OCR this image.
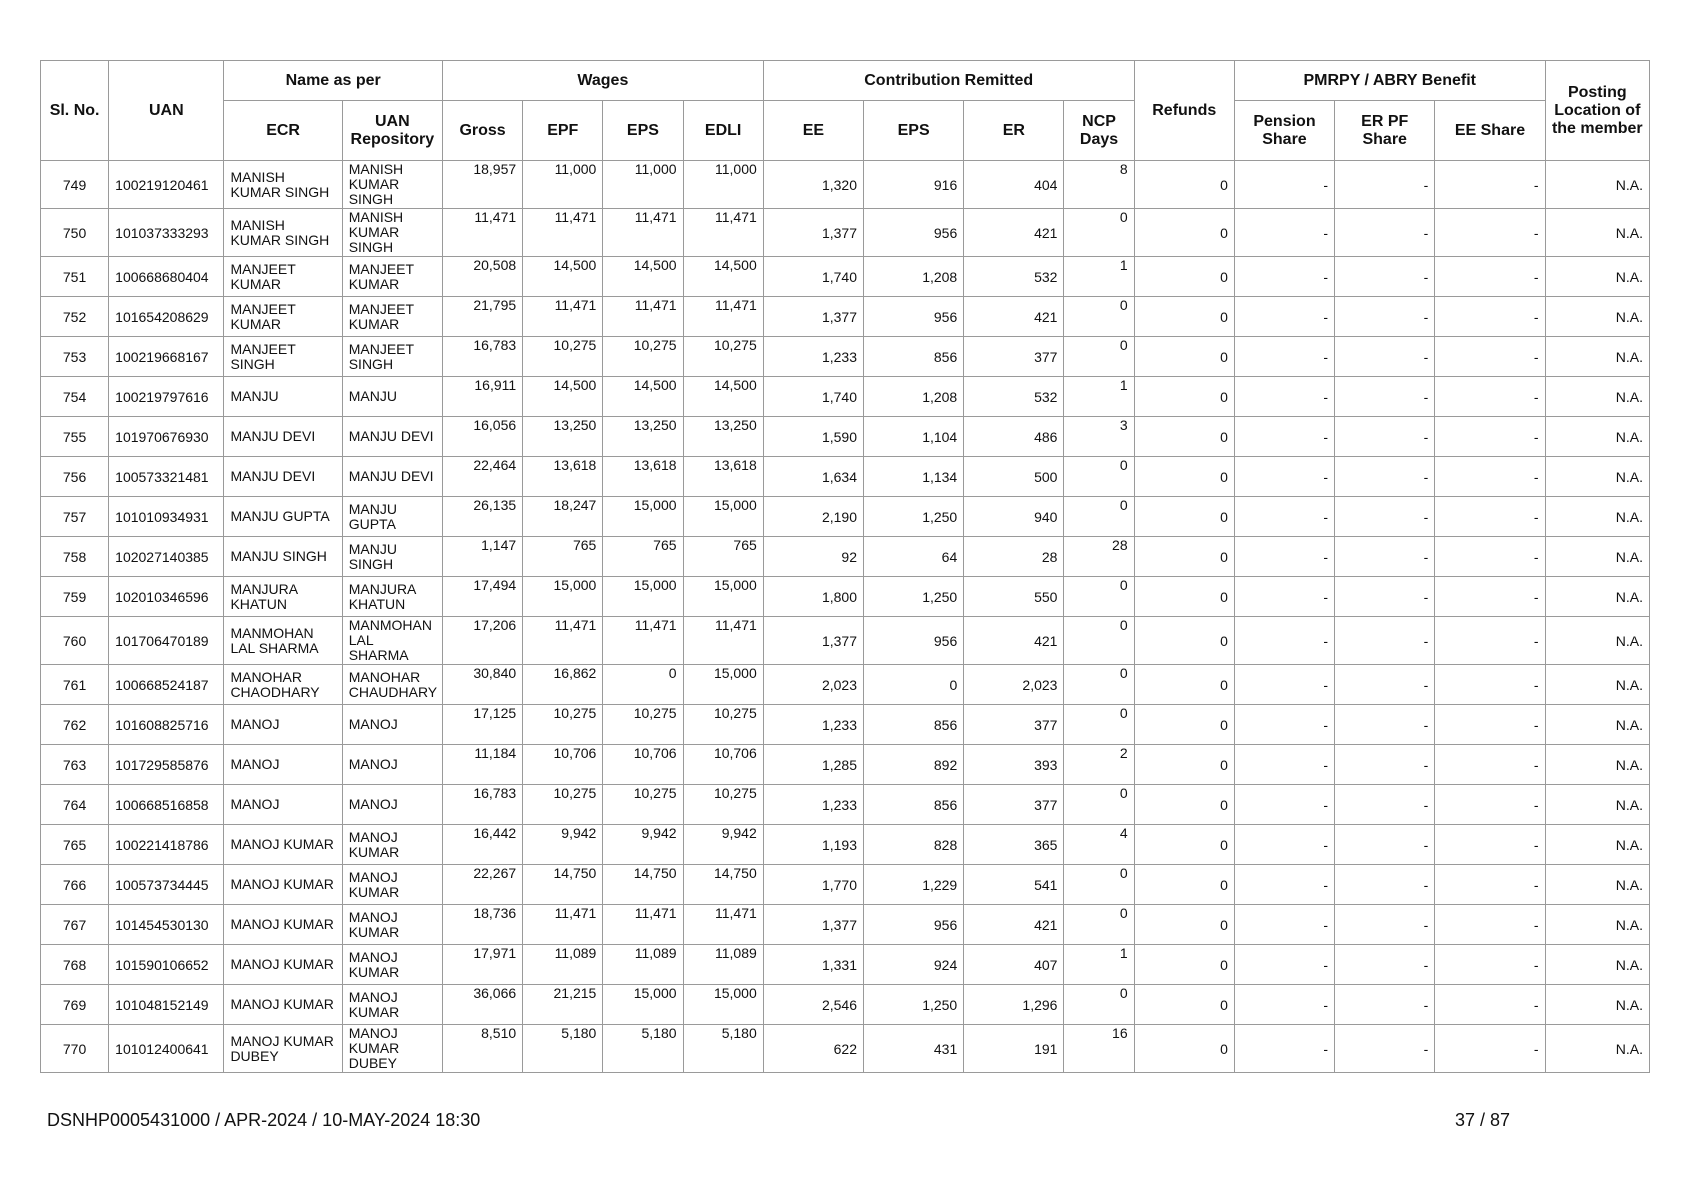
Sl. No.	UAN	Name as per		Wages				Contribution Remitted				Refunds	PMRPY / ABRY Benefit			Posting Location of the member
		ECR	UAN Repository	Gross	EPF	EPS	EDLI	EE	EPS	ER	NCP Days		Pension Share	ER PF Share	EE Share	
749	100219120461	MANISH KUMAR SINGH	MANISH KUMAR SINGH	18,957	11,000	11,000	11,000	1,320	916	404	8	0	-	-	-	N.A.
750	101037333293	MANISH KUMAR SINGH	MANISH KUMAR SINGH	11,471	11,471	11,471	11,471	1,377	956	421	0	0	-	-	-	N.A.
751	100668680404	MANJEET KUMAR	MANJEET KUMAR	20,508	14,500	14,500	14,500	1,740	1,208	532	1	0	-	-	-	N.A.
752	101654208629	MANJEET KUMAR	MANJEET KUMAR	21,795	11,471	11,471	11,471	1,377	956	421	0	0	-	-	-	N.A.
753	100219668167	MANJEET SINGH	MANJEET SINGH	16,783	10,275	10,275	10,275	1,233	856	377	0	0	-	-	-	N.A.
754	100219797616	MANJU	MANJU	16,911	14,500	14,500	14,500	1,740	1,208	532	1	0	-	-	-	N.A.
755	101970676930	MANJU DEVI	MANJU DEVI	16,056	13,250	13,250	13,250	1,590	1,104	486	3	0	-	-	-	N.A.
756	100573321481	MANJU DEVI	MANJU DEVI	22,464	13,618	13,618	13,618	1,634	1,134	500	0	0	-	-	-	N.A.
757	101010934931	MANJU GUPTA	MANJU GUPTA	26,135	18,247	15,000	15,000	2,190	1,250	940	0	0	-	-	-	N.A.
758	102027140385	MANJU SINGH	MANJU SINGH	1,147	765	765	765	92	64	28	28	0	-	-	-	N.A.
759	102010346596	MANJURA KHATUN	MANJURA KHATUN	17,494	15,000	15,000	15,000	1,800	1,250	550	0	0	-	-	-	N.A.
760	101706470189	MANMOHAN LAL SHARMA	MANMOHAN LAL SHARMA	17,206	11,471	11,471	11,471	1,377	956	421	0	0	-	-	-	N.A.
761	100668524187	MANOHAR CHAODHARY	MANOHAR CHAUDHARY	30,840	16,862	0	15,000	2,023	0	2,023	0	0	-	-	-	N.A.
762	101608825716	MANOJ	MANOJ	17,125	10,275	10,275	10,275	1,233	856	377	0	0	-	-	-	N.A.
763	101729585876	MANOJ	MANOJ	11,184	10,706	10,706	10,706	1,285	892	393	2	0	-	-	-	N.A.
764	100668516858	MANOJ	MANOJ	16,783	10,275	10,275	10,275	1,233	856	377	0	0	-	-	-	N.A.
765	100221418786	MANOJ KUMAR	MANOJ KUMAR	16,442	9,942	9,942	9,942	1,193	828	365	4	0	-	-	-	N.A.
766	100573734445	MANOJ KUMAR	MANOJ KUMAR	22,267	14,750	14,750	14,750	1,770	1,229	541	0	0	-	-	-	N.A.
767	101454530130	MANOJ KUMAR	MANOJ KUMAR	18,736	11,471	11,471	11,471	1,377	956	421	0	0	-	-	-	N.A.
768	101590106652	MANOJ KUMAR	MANOJ KUMAR	17,971	11,089	11,089	11,089	1,331	924	407	1	0	-	-	-	N.A.
769	101048152149	MANOJ KUMAR	MANOJ KUMAR	36,066	21,215	15,000	15,000	2,546	1,250	1,296	0	0	-	-	-	N.A.
770	101012400641	MANOJ KUMAR DUBEY	MANOJ KUMAR DUBEY	8,510	5,180	5,180	5,180	622	431	191	16	0	-	-	-	N.A.
DSNHP0005431000 / APR-2024 / 10-MAY-2024 18:30	37 / 87
